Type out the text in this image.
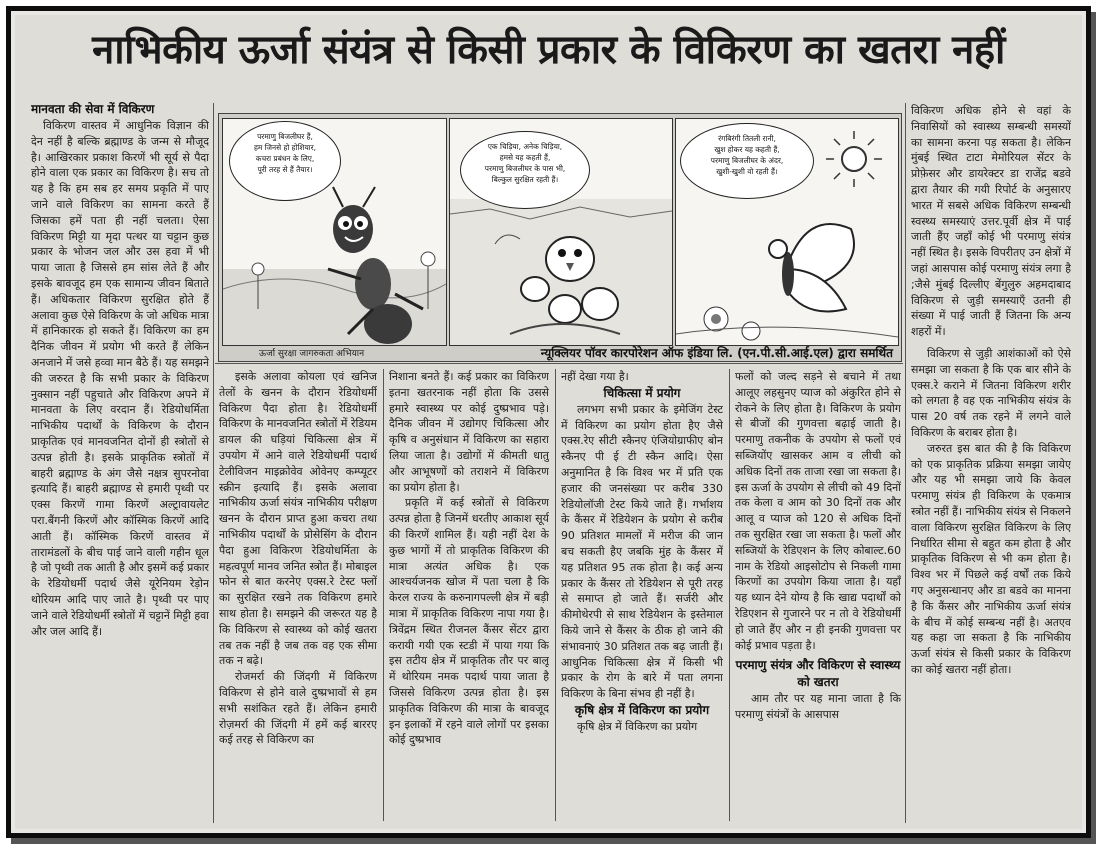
नाभिकीय ऊर्जा संयंत्र से किसी प्रकार के विकिरण का खतरा नहीं
मानवता की सेवा में विकिरण

विकिरण वास्तव में आधुनिक विज्ञान की देन नहीं है बल्कि ब्रह्माण्ड के जन्म से मौजूद है। आखिरकार प्रकाश किरणें भी सूर्य से पैदा होने वाला एक प्रकार का विकिरण है। सच तो यह है कि हम सब हर समय प्रकृति में पाए जाने वाले विकिरण का सामना करते हैं जिसका हमें पता ही नहीं चलता। ऐसा विकिरण मिट्टी या मृदा पत्थर या चट्टान कुछ प्रकार के भोजन जल और उस हवा में भी पाया जाता है जिससे हम सांस लेते हैं और इसके बावजूद हम एक सामान्य जीवन बिताते हैं। अधिकतार विकिरण सुरक्षित होते हैं अलावा कुछ ऐसे विकिरण के जो अधिक मात्रा में हानिकारक हो सकते हैं। विकिरण का हम दैनिक जीवन में प्रयोग भी करते हैं लेकिन अनजाने में जसे हव्वा मान बैठे हैं। यह समझने की जरुरत है कि सभी प्रकार के विकिरण नुक्सान नहीं पहुचाते और विकिरण अपने में मानवता के लिए वरदान हैं। रेडियोधर्मिता नाभिकीय पदार्थों के विकिरण के दौरान प्राकृतिक एवं मानवजनित दोनों ही स्त्रोतों से उत्पन्न होती है। इसके प्राकृतिक स्त्रोतों में बाहरी ब्रह्माण्ड के अंग जैसे नक्षत्र सुपरनोवा इत्यादि हैं। बाहरी ब्रह्माण्ड से हमारी पृथ्वी पर एक्स किरणें गामा किरणें अल्ट्रावायलेट परा.बैंगनी किरणें और कॉस्मिक किरणें आदि आती हैं। कॉस्मिक किरणें वास्तव में तारामंडलों के बीच पाई जाने वाली गहीन धूल है जो पृथ्वी तक आती है और इसमें कई प्रकार के रेडियोधर्मी पदार्थ जैसे यूरेनियम रेड़ोन थोरियम आदि पाए जाते है। पृथ्वी पर पाए जाने वाले रेडियोधर्मी स्त्रोतों में चट्टानें मिट्टी हवा और जल आदि हैं।

परमाणु बिजलीघर हैं,
हम जिनसे हो होशियार,
कचरा प्रबंधन के लिए,
पूरी तरह से हैं तैयार।
एक चिड़िया, अनेक चिड़िया,
हमसे यह कहती हैं,
परमाणु बिजलीघर के पास भी,
बिल्कुल सुरक्षित रहती हैं।
रंगबिरंगी तितली रानी,
खुश होकर यह कहती हैं,
परमाणु बिजलीघर के अंदर,
खुशी-खुशी वो रहती हैं।
ऊर्जा सुरक्षा जागरुकता अभियान	न्यूक्लियर पॉवर कारपोरेशन ऑफ इंडिया लि. (एन.पी.सी.आई.एल) द्वारा समर्थित

इसके अलावा कोयला एवं खनिज तेलों के खनन के दौरान रेडियोधर्मी विकिरण पैदा होता है। रेडियोधर्मी विकिरण के मानवजनित स्त्रोतों में रेडियम डायल की घड़ियां चिकित्सा क्षेत्र में उपयोग में आने वाले रेडियोधर्मी पदार्थ टेलीविजन माइक्रोवेव ओवेनए कम्प्यूटर स्क्रीन इत्यादि हैं। इसके अलावा नाभिकीय ऊर्जा संयंत्र नाभिकीय परीक्षण खनन के दौरान प्राप्त हुआ कचरा तथा नाभिकीय पदार्थों के प्रोसेसिंग के दौरान पैदा हुआ विकिरण रेडियोधर्मिता के महत्वपूर्ण मानव जनित स्त्रोत हैं। मोबाइल फोन से बात करनेए एक्स.रे टेस्ट फ्लों का सुरक्षित रखने तक विकिरण हमारे साथ होता है। समझने की जरूरत यह है कि विकिरण से स्वास्थ्य को कोई खतरा तब तक नहीं है जब तक वह एक सीमा तक न बढ़े।

रोजमर्रा की जिंदगी में विकिरण विकिरण से होने वाले दुष्प्रभावों से हम सभी सशंकित रहते हैं। लेकिन हमारी रोज़मर्रा की जिंदगी में हमें कई बाररए कई तरह से विकिरण का

निशाना बनते हैं। कई प्रकार का विकिरण इतना खतरनाक नहीं होता कि उससे हमारे स्वास्थ्य पर कोई दुष्प्रभाव पड़े। दैनिक जीवन में उद्योगए चिकित्सा और कृषि व अनुसंधान में विकिरण का सहारा लिया जाता है। उद्योगों में कीमती धातु और आभूषणों को तराशने में विकिरण का प्रयोग होता है।

प्रकृति में कई स्त्रोतों से विकिरण उत्पन्न होता है जिनमें धरतीए आकाश सूर्य की किरणें शामिल हैं। यही नहीं देश के कुछ भागों में तो प्राकृतिक विकिरण की मात्रा अत्यंत अधिक है। एक आश्चर्यजनक खोज में पता चला है कि केरल राज्य के करुनागपल्ली क्षेत्र में बड़ी मात्रा में प्राकृतिक विकिरण नापा गया है। त्रिवेंद्रम स्थित रीजनल कैंसर सेंटर द्वारा करायी गयी एक स्टडी में पाया गया कि इस तटीय क्षेत्र में प्राकृतिक तौर पर बालू में थोरियम नमक पदार्थ पाया जाता है जिससे विकिरण उत्पन्न होता है। इस प्राकृतिक विकिरण की मात्रा के बावजूद इन इलाकों में रहने वाले लोगों पर इसका कोई दुष्प्रभाव

नहीं देखा गया है।

चिकित्सा में प्रयोग

लगभग सभी प्रकार के इमेजिंग टेस्ट में विकिरण का प्रयोग होता हैए जैसे एक्स.रेए सीटी स्कैनए एंजियोग्राफीए बोन स्कैनए पी ई टी स्कैन आदि। ऐसा अनुमानित है कि विश्व भर में प्रति एक हजार की जनसंख्या पर करीब 330 रेडियोलॉजी टेस्ट किये जाते हैं। गर्भाशय के कैंसर में रेडियेशन के प्रयोग से करीब 90 प्रतिशत मामलों में मरीज की जान बच सकती हैए जबकि मुंह के कैंसर में यह प्रतिशत 95 तक होता है। कई अन्य प्रकार के कैंसर तो रेडियेशन से पूरी तरह से समाप्त हो जाते हैं। सर्जरी और कीमोथेरपी से साथ रेडियेशन के इस्तेमाल किये जाने से कैंसर के ठीक हो जाने की संभावनाएं 30 प्रतिशत तक बढ़ जाती हैं। आधुनिक चिकित्सा क्षेत्र में किसी भी प्रकार के रोग के बारे में पता लगना विकिरण के बिना संभव ही नहीं है।

कृषि क्षेत्र में विकिरण का प्रयोग

कृषि क्षेत्र में विकिरण का प्रयोग

फलों को जल्द सड़ने से बचाने में तथा आलूए लहसुनए प्याज को अंकुरित होने से रोकने के लिए होता है। विकिरण के प्रयोग से बीजों की गुणवत्ता बढ़ाई जाती है। परमाणु तकनीक के उपयोग से फलों एवं सब्जियोंए खासकर आम व लीची को अधिक दिनों तक ताजा रखा जा सकता है। इस ऊर्जा के उपयोग से लीची को 49 दिनों तक केला व आम को 30 दिनों तक और आलू व प्याज को 120 से अधिक दिनों तक सुरक्षित रखा जा सकता है। फलों और सब्जियों के रेडिएशन के लिए कोबाल्ट.60 नाम के रेडियो आइसोटोप से निकली गामा किरणों का उपयोग किया जाता है। यहाँ यह ध्यान देने योग्य है कि खाद्य पदार्थों को रेडिएशन से गुजारने पर न तो वे रेडियोधर्मी हो जाते हैंए और न ही इनकी गुणवत्ता पर कोई प्रभाव पड़ता है।

परमाणु संयंत्र और विकिरण से स्वास्थ्य को खतरा

आम तौर पर यह माना जाता है कि परमाणु संयंत्रों के आसपास

विकिरण अधिक होने से वहां के निवासियों को स्वास्थ्य सम्बन्धी समस्यों का सामना करना पड़ सकता है। लेकिन मुंबई स्थित टाटा मेमोरियल सेंटर के प्रोफ़ेसर और डायरेक्टर डा राजेंद्र बडवे द्वारा तैयार की गयी रिपोर्ट के अनुसारए भारत में सबसे अधिक विकिरण सम्बन्धी स्वस्थ्य समस्याएं उत्तर.पूर्वी क्षेत्र में पाई जाती हैंए जहाँ कोई भी परमाणु संयंत्र नहीं स्थित है। इसके विपरीतए उन क्षेत्रों में जहां आसपास कोई परमाणु संयंत्र लगा है ;जैसे मुंबई दिल्लीए बेंगुलुरु अहमदाबाद विकिरण से जुड़ी समस्याएँ उतनी ही संख्या में पाई जाती हैं जितना कि अन्य शहरों में।

विकिरण से जुड़ी आशंकाओं को ऐसे समझा जा सकता है कि एक बार सीने के एक्स.रे कराने में जितना विकिरण शरीर को लगता है वह एक नाभिकीय संयंत्र के पास 20 वर्ष तक रहने में लगने वाले विकिरण के बराबर होता है।

जरुरत इस बात की है कि विकिरण को एक प्राकृतिक प्रक्रिया समझा जायेए और यह भी समझा जाये कि केवल परमाणु संयंत्र ही विकिरण के एकमात्र स्त्रोत नहीं हैं। नाभिकीय संयंत्र से निकलने वाला विकिरण सुरक्षित विकिरण के लिए निर्धारित सीमा से बहुत कम होता है और प्राकृतिक विकिरण से भी कम होता है। विश्व भर में पिछले कई वर्षों तक किये गए अनुसन्धानए और डा बडवे का मानना है कि कैंसर और नाभिकीय ऊर्जा संयंत्र के बीच में कोई सम्बन्ध नहीं है। अतएव यह कहा जा सकता है कि नाभिकीय ऊर्जा संयंत्र से किसी प्रकार के विकिरण का कोई खतरा नहीं होता।
